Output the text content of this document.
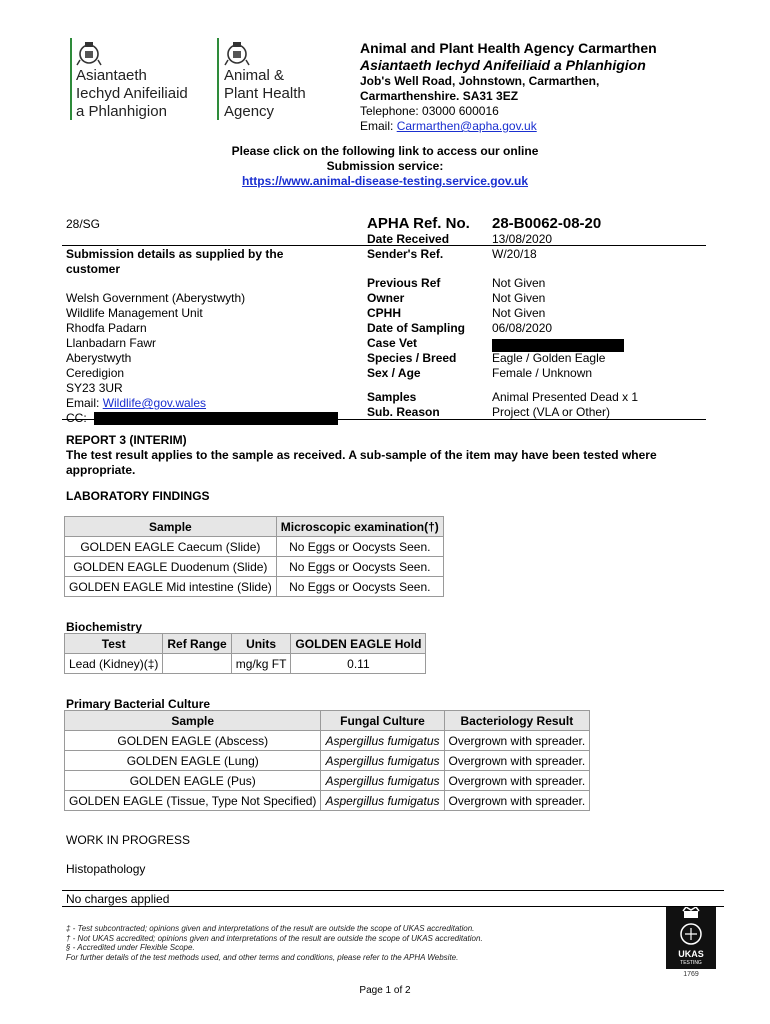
Asiantaeth
Iechyd Anifeiliaid
a Phlanhigion
Animal &
Plant Health
Agency
Animal and Plant Health Agency Carmarthen
Asiantaeth Iechyd Anifeiliaid a Phlanhigion
Job's Well Road, Johnstown, Carmarthen,
Carmarthenshire. SA31 3EZ
Telephone: 03000 600016
Email: Carmarthen@apha.gov.uk
Please click on the following link to access our online
Submission service:
https://www.animal-disease-testing.service.gov.uk
28/SG	APHA Ref. No. 28-B0062-08-20
Date Received	13/08/2020
Submission details as supplied by the
customer
Sender's Ref.	W/20/18
Previous Ref	Not Given
Owner	Not Given
CPHH	Not Given
Date of Sampling 06/08/2020
Case Vet
Species / Breed	Eagle / Golden Eagle
Sex / Age	Female / Unknown
Samples	Animal Presented Dead x 1
Sub. Reason	Project (VLA or Other)
Welsh Government (Aberystwyth)
Wildlife Management Unit
Rhodfa Padarn
Llanbadarn Fawr
Aberystwyth
Ceredigion
SY23 3UR
Email: Wildlife@gov.wales
CC:
REPORT 3 (INTERIM)
The test result applies to the sample as received. A sub-sample of the item may have been tested where appropriate.
LABORATORY FINDINGS
Sample	Microscopic examination(†)
GOLDEN EAGLE Caecum (Slide)	No Eggs or Oocysts Seen.
GOLDEN EAGLE Duodenum (Slide)	No Eggs or Oocysts Seen.
GOLDEN EAGLE Mid intestine (Slide)	No Eggs or Oocysts Seen.
Biochemistry
Test	Ref Range	Units	GOLDEN EAGLE Hold
Lead (Kidney)(‡)		mg/kg FT	0.11
Primary Bacterial Culture
Sample	Fungal Culture	Bacteriology Result
GOLDEN EAGLE (Abscess)	Aspergillus fumigatus	Overgrown with spreader.
GOLDEN EAGLE (Lung)	Aspergillus fumigatus	Overgrown with spreader.
GOLDEN EAGLE (Pus)	Aspergillus fumigatus	Overgrown with spreader.
GOLDEN EAGLE (Tissue, Type Not Specified)	Aspergillus fumigatus	Overgrown with spreader.
WORK IN PROGRESS
Histopathology
No charges applied
‡ - Test subcontracted; opinions given and interpretations of the result are outside the scope of UKAS accreditation.
† - Not UKAS accredited; opinions given and interpretations of the result are outside the scope of UKAS accreditation.
§ - Accredited under Flexible Scope.
For further details of the test methods used, and other terms and conditions, please refer to the APHA Website.	UKAS
TESTING
1769
Page 1 of 2
